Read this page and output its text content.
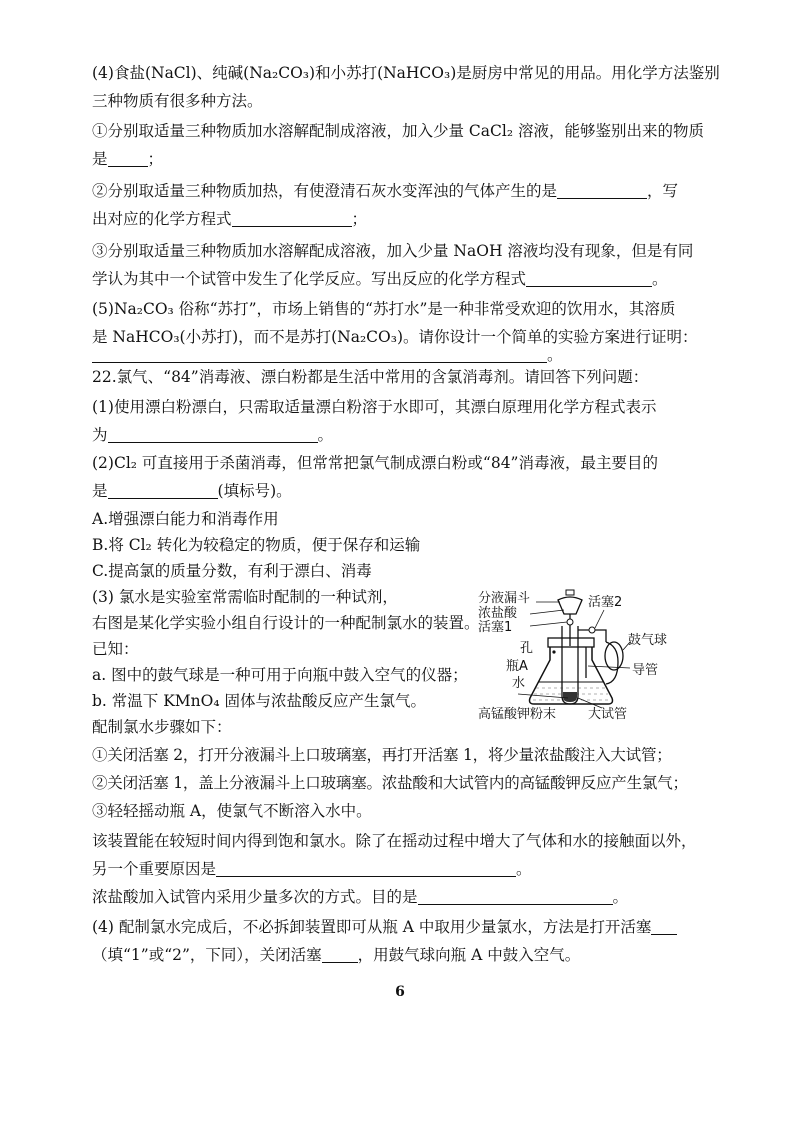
(4)食盐(NaCl)、纯碱(Na₂CO₃)和小苏打(NaHCO₃)是厨房中常见的用品。用化学方法鉴别
三种物质有很多种方法。
①分别取适量三种物质加水溶解配制成溶液，加入少量 CaCl₂ 溶液，能够鉴别出来的物质
是	；
②分别取适量三种物质加热，有使澄清石灰水变浑浊的气体产生的是	，写
出对应的化学方程式	；
③分别取适量三种物质加水溶解配成溶液，加入少量 NaOH 溶液均没有现象，但是有同
学认为其中一个试管中发生了化学反应。写出反应的化学方程式	。
(5)Na₂CO₃ 俗称“苏打”，市场上销售的“苏打水”是一种非常受欢迎的饮用水，其溶质
是 NaHCO₃(小苏打)，而不是苏打(Na₂CO₃)。请你设计一个简单的实验方案进行证明：
。
22.氯气、“84”消毒液、漂白粉都是生活中常用的含氯消毒剂。请回答下列问题：
(1)使用漂白粉漂白，只需取适量漂白粉溶于水即可，其漂白原理用化学方程式表示
为	。
(2)Cl₂ 可直接用于杀菌消毒，但常常把氯气制成漂白粉或“84”消毒液，最主要目的
是	(填标号)。
A.增强漂白能力和消毒作用
B.将 Cl₂ 转化为较稳定的物质，便于保存和运输
C.提高氯的质量分数，有利于漂白、消毒
(3) 氯水是实验室常需临时配制的一种试剂，
右图是某化学实验小组自行设计的一种配制氯水的装置。
已知：
a. 图中的鼓气球是一种可用于向瓶中鼓入空气的仪器；
b. 常温下 KMnO₄ 固体与浓盐酸反应产生氯气。
配制氯水步骤如下：
①关闭活塞 2，打开分液漏斗上口玻璃塞，再打开活塞 1，将少量浓盐酸注入大试管；
②关闭活塞 1，盖上分液漏斗上口玻璃塞。浓盐酸和大试管内的高锰酸钾反应产生氯气；
③轻轻摇动瓶 A，使氯气不断溶入水中。
该装置能在较短时间内得到饱和氯水。除了在摇动过程中增大了气体和水的接触面以外，
另一个重要原因是	。
浓盐酸加入试管内采用少量多次的方式。目的是	。
(4) 配制氯水完成后，不必拆卸装置即可从瓶 A 中取用少量氯水，方法是打开活塞
（填“1”或“2”，下同），关闭活塞 ，用鼓气球向瓶 A 中鼓入空气。
分液漏斗
浓盐酸
活塞1
活塞2
孔
瓶A
水
鼓气球
导管
高锰酸钾粉末 大试管
6
